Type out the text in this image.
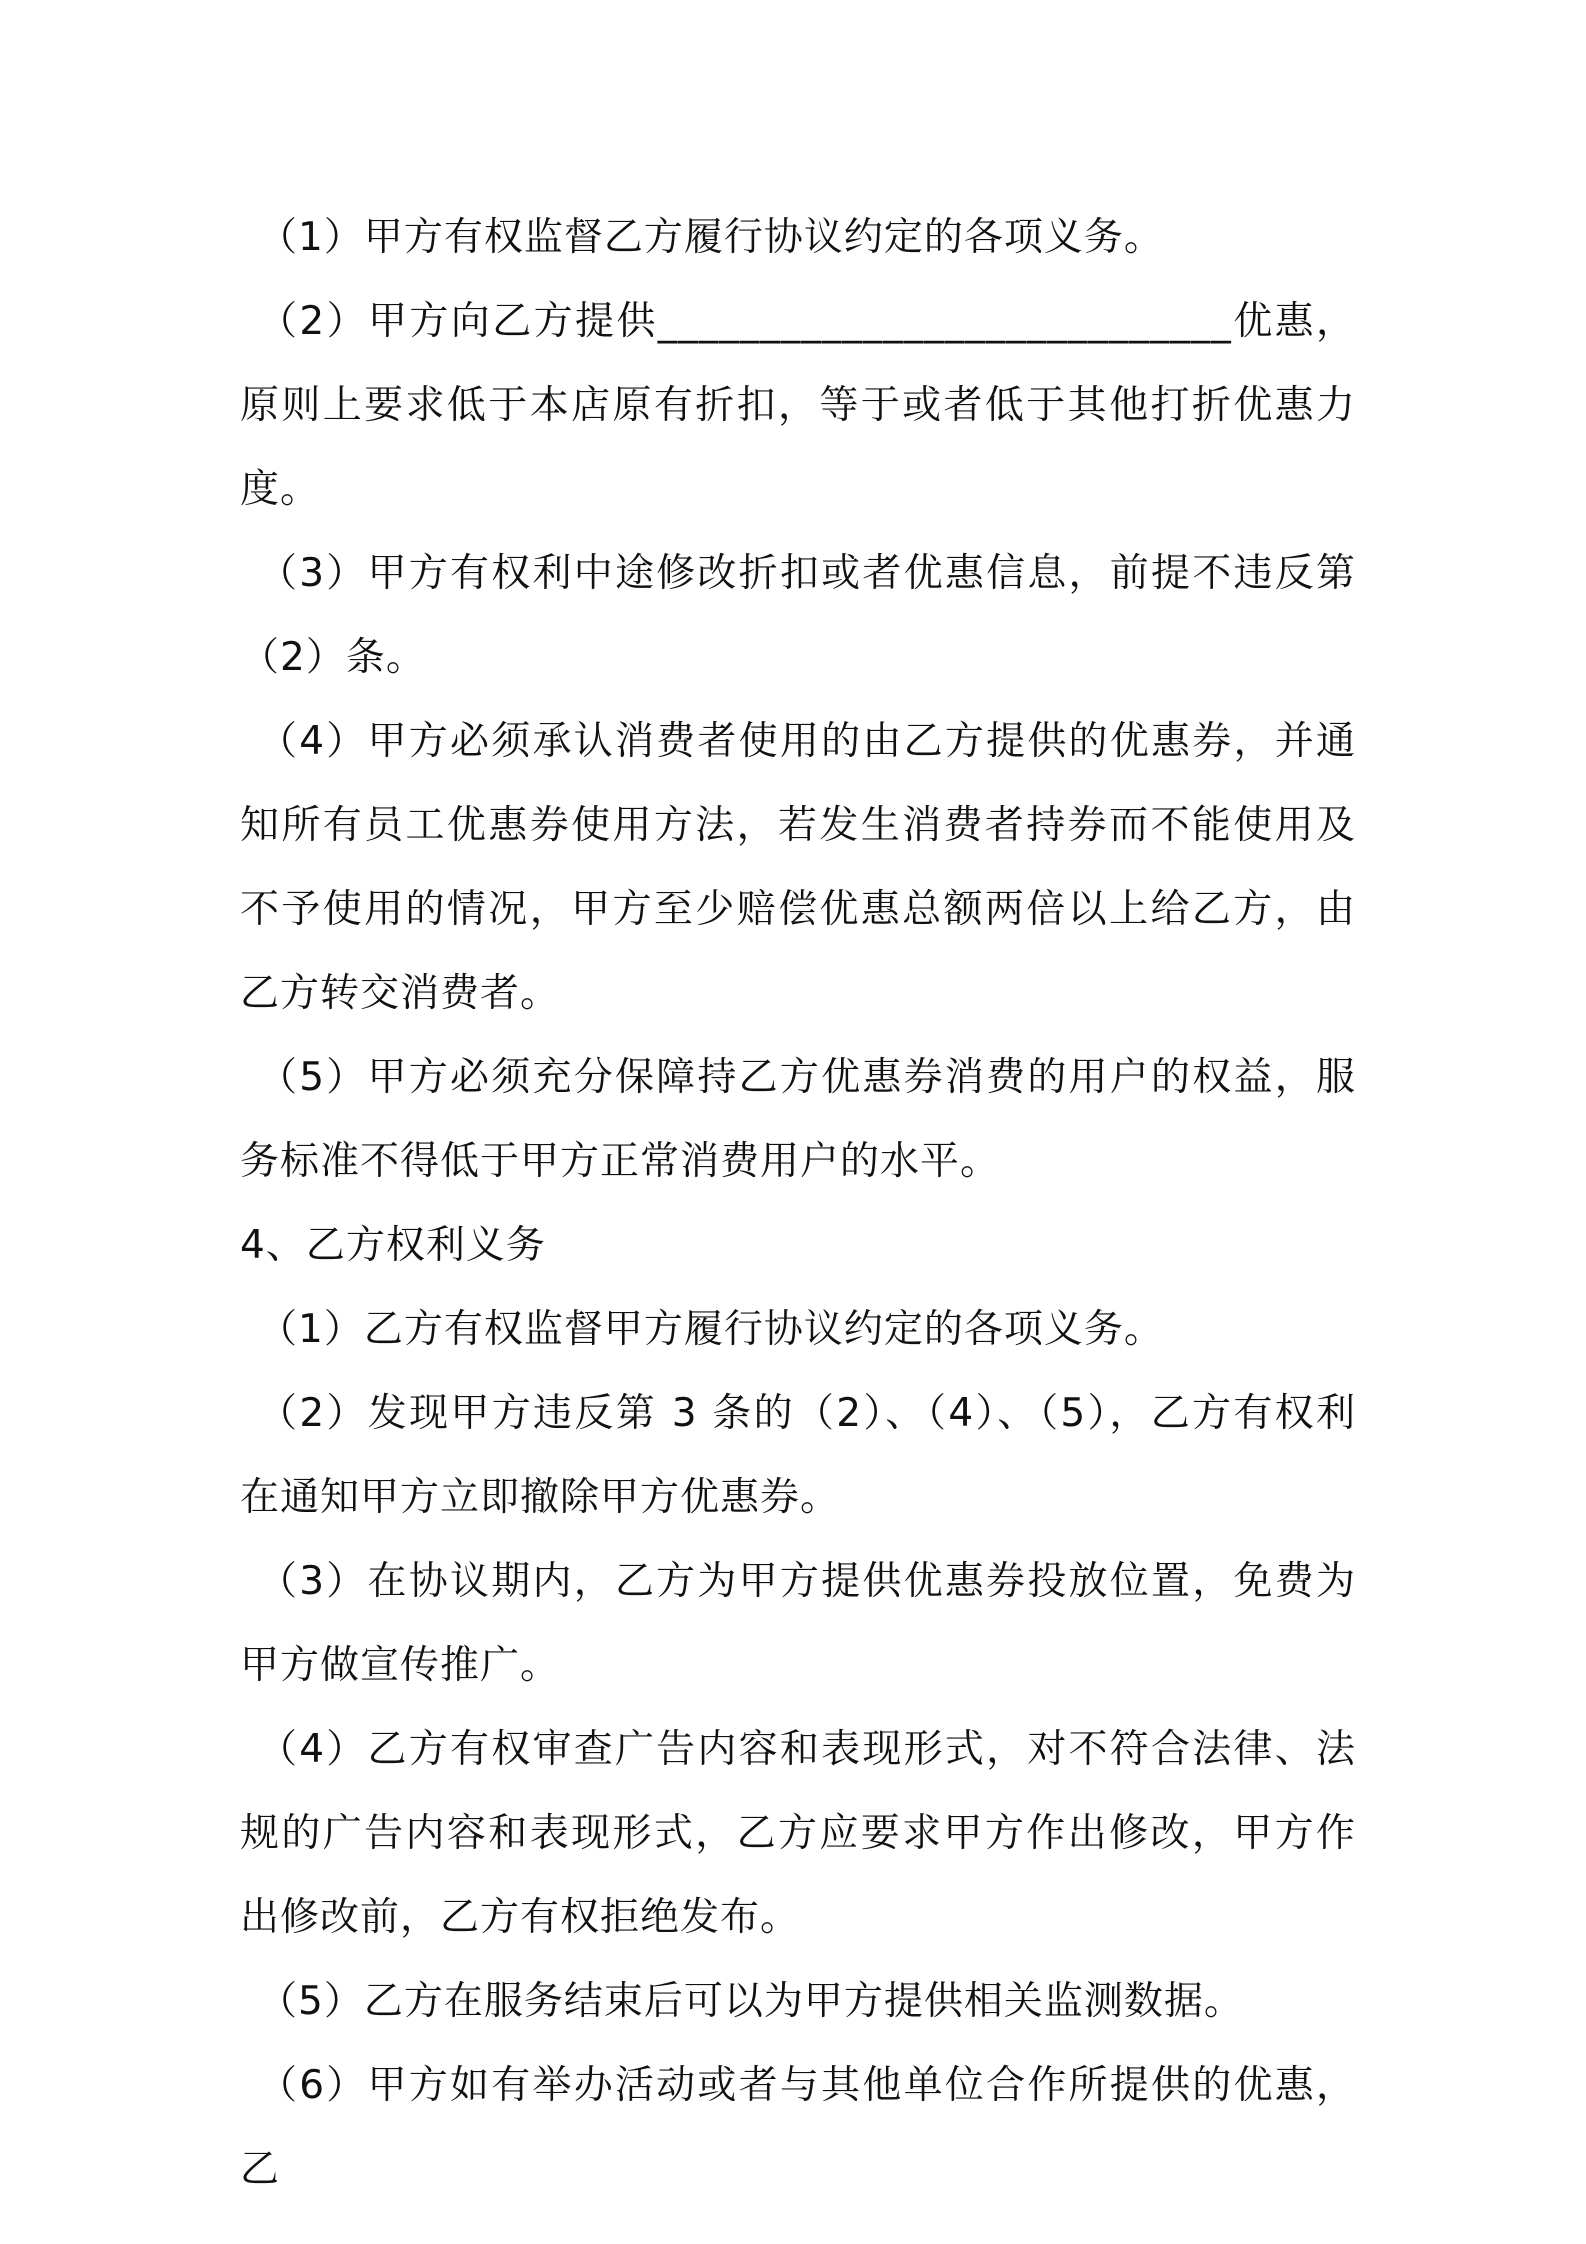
（1）甲方有权监督乙方履行协议约定的各项义务。

（2）甲方向乙方提供____________________________优惠，原则上要求低于本店原有折扣，等于或者低于其他打折优惠力度。

（3）甲方有权利中途修改折扣或者优惠信息，前提不违反第（2）条。

（4）甲方必须承认消费者使用的由乙方提供的优惠券，并通知所有员工优惠券使用方法，若发生消费者持券而不能使用及不予使用的情况，甲方至少赔偿优惠总额两倍以上给乙方，由乙方转交消费者。

（5）甲方必须充分保障持乙方优惠券消费的用户的权益，服务标准不得低于甲方正常消费用户的水平。

4、乙方权利义务

（1）乙方有权监督甲方履行协议约定的各项义务。

（2）发现甲方违反第 3 条的（2）、（4）、（5），乙方有权利在通知甲方立即撤除甲方优惠券。

（3）在协议期内，乙方为甲方提供优惠券投放位置，免费为甲方做宣传推广。

（4）乙方有权审查广告内容和表现形式，对不符合法律、法规的广告内容和表现形式，乙方应要求甲方作出修改，甲方作出修改前，乙方有权拒绝发布。

（5）乙方在服务结束后可以为甲方提供相关监测数据。

（6）甲方如有举办活动或者与其他单位合作所提供的优惠，乙
